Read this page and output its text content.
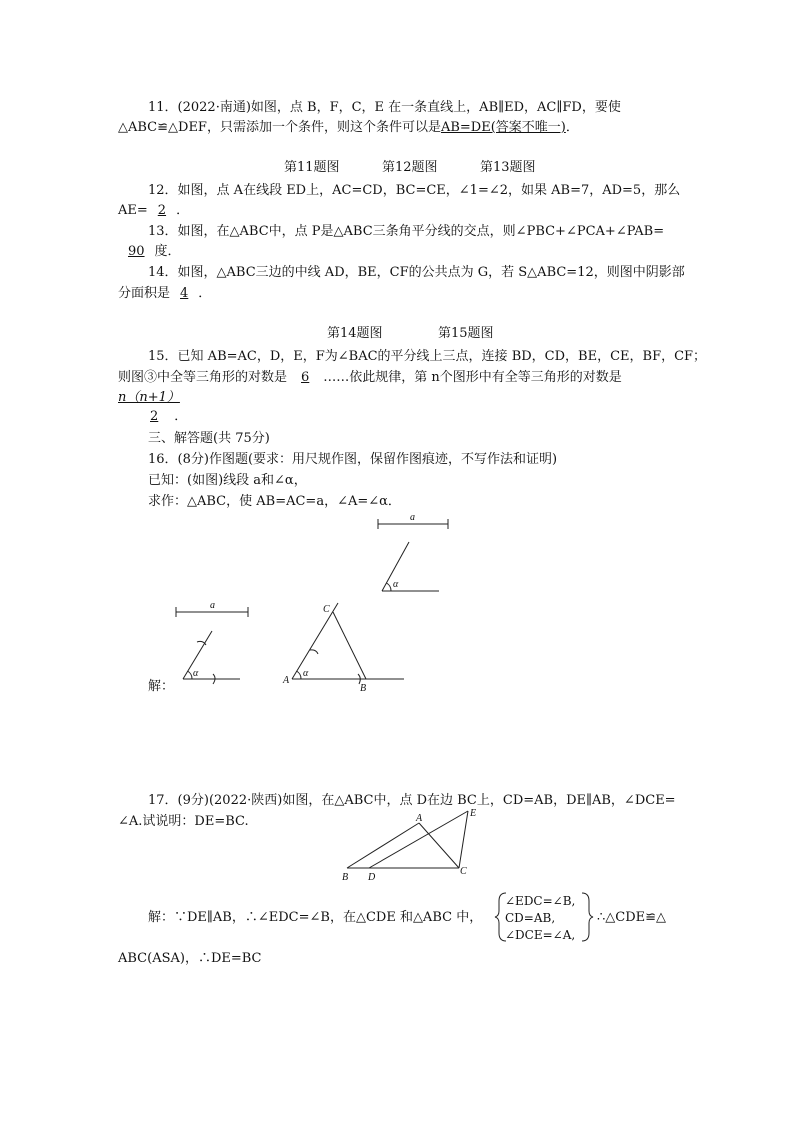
11．(2022·南通)如图，点 B，F，C，E 在一条直线上，AB∥ED，AC∥FD，要使
△ABC≌△DEF，只需添加一个条件，则这个条件可以是AB=DE(答案不唯一)．
第11题图	第12题图	第13题图
12．如图，点 A在线段 ED上，AC=CD，BC=CE，∠1=∠2，如果 AB=7，AD=5，那么
AE= 2 ．
13．如图，在△ABC中，点 P是△ABC三条角平分线的交点，则∠PBC+∠PCA+∠PAB=
90 度．
14．如图，△ABC三边的中线 AD，BE，CF的公共点为 G，若 S△ABC=12，则图中阴影部
分面积是 4 ．
第14题图	第15题图
15．已知 AB=AC，D，E，F为∠BAC的平分线上三点，连接 BD，CD，BE，CE，BF，CF；
则图③中全等三角形的对数是 6 ……依此规律，第 n个图形中有全等三角形的对数是
n（n+1）
2 ．
三、解答题(共 75分)
16．(8分)作图题(要求：用尺规作图，保留作图痕迹，不写作法和证明)
已知：(如图)线段 a和∠α，
求作：△ABC，使 AB=AC=a，∠A=∠α．
a
α
a
α
C
A
B
α
解：
17．(9分)(2022·陕西)如图，在△ABC中，点 D在边 BC上，CD=AB，DE∥AB，∠DCE=
∠A.试说明：DE=BC.	A
B
C
D
E
解：∵DE∥AB，∴∠EDC=∠B，在△CDE 和△ABC 中，
∠EDC=∠B,
CD=AB,
∠DCE=∠A,
∴△CDE≌△
ABC(ASA)，∴DE=BC
